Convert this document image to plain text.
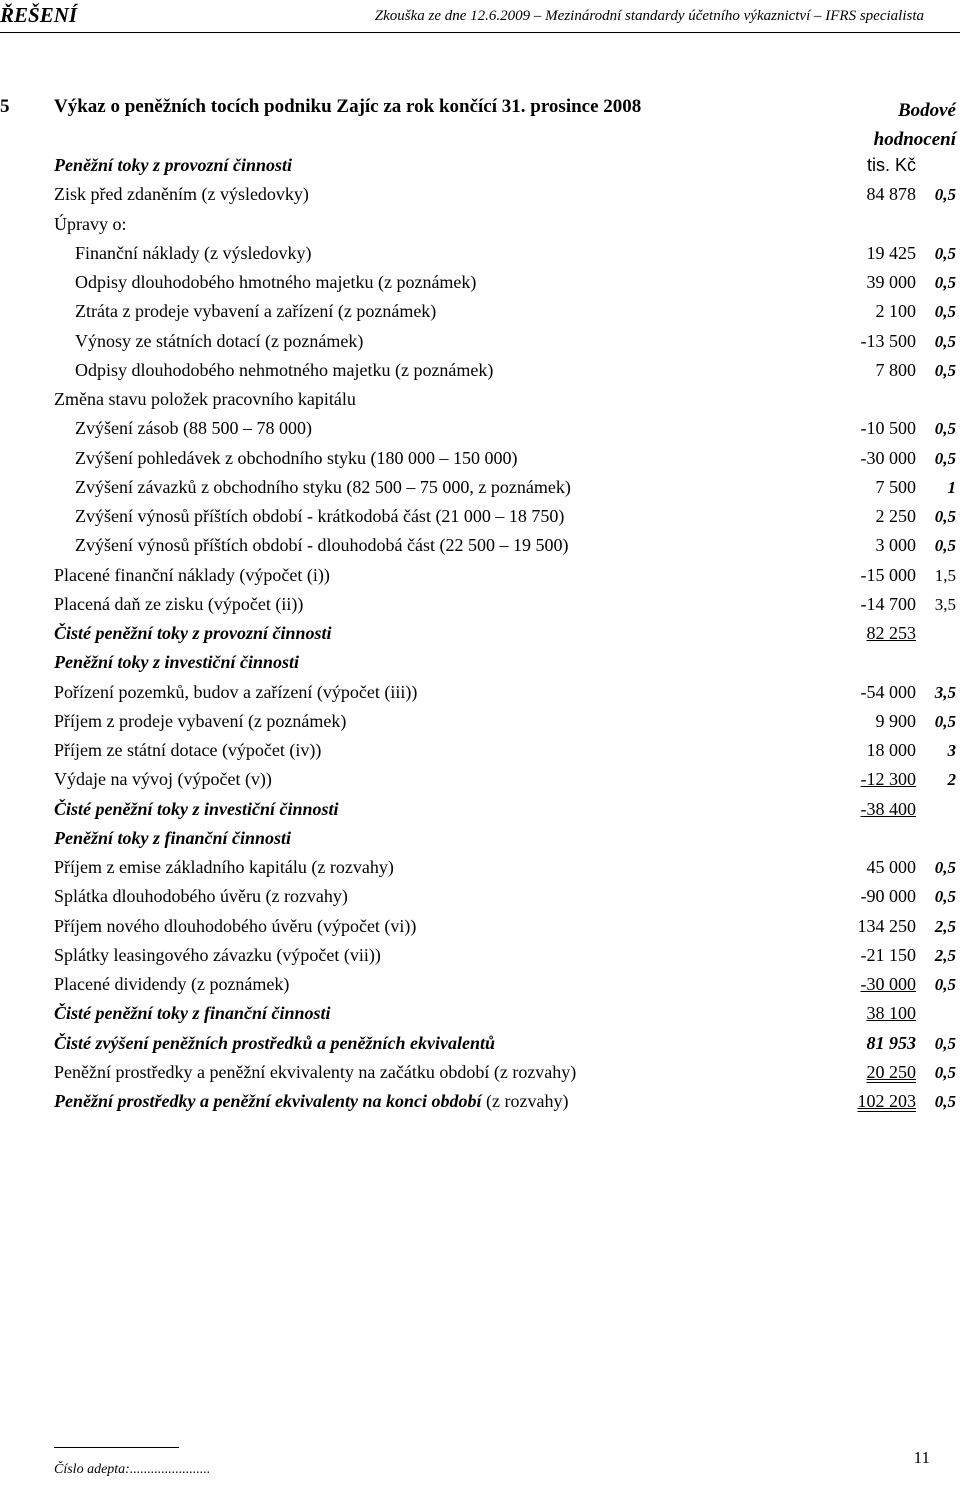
ŘEŠENÍ	Zkouška ze dne 12.6.2009 – Mezinárodní standardy účetního výkaznictví – IFRS specialista
5 Výkaz o peněžních tocích podniku Zajíc za rok končící 31. prosince 2008	Bodové
hodnocení
Peněžní toky z provozní činnosti	tis. Kč
Zisk před zdaněním (z výsledovky)	84 878 0,5
Úpravy o:
Finanční náklady (z výsledovky)	19 425 0,5
Odpisy dlouhodobého hmotného majetku (z poznámek)	39 000 0,5
Ztráta z prodeje vybavení a zařízení (z poznámek)	2 100 0,5
Výnosy ze státních dotací (z poznámek)	-13 500 0,5
Odpisy dlouhodobého nehmotného majetku (z poznámek)	7 800 0,5
Změna stavu položek pracovního kapitálu
Zvýšení zásob (88 500 – 78 000)	-10 500 0,5
Zvýšení pohledávek z obchodního styku (180 000 – 150 000)	-30 000 0,5
Zvýšení závazků z obchodního styku (82 500 – 75 000, z poznámek)	7 500 1
Zvýšení výnosů příštích období - krátkodobá část (21 000 – 18 750)	2 250 0,5
Zvýšení výnosů příštích období - dlouhodobá část (22 500 – 19 500)	3 000 0,5
Placené finanční náklady (výpočet (i))	-15 000 1,5
Placená daň ze zisku (výpočet (ii))	-14 700 3,5
Čisté peněžní toky z provozní činnosti	82 253
Peněžní toky z investiční činnosti
Pořízení pozemků, budov a zařízení (výpočet (iii))	-54 000 3,5
Příjem z prodeje vybavení (z poznámek)	9 900 0,5
Příjem ze státní dotace (výpočet (iv))	18 000 3
Výdaje na vývoj (výpočet (v))	-12 300 2
Čisté peněžní toky z investiční činnosti	-38 400
Peněžní toky z finanční činnosti
Příjem z emise základního kapitálu (z rozvahy)	45 000 0,5
Splátka dlouhodobého úvěru (z rozvahy)	-90 000 0,5
Příjem nového dlouhodobého úvěru (výpočet (vi))	134 250 2,5
Splátky leasingového závazku (výpočet (vii))	-21 150 2,5
Placené dividendy (z poznámek)	-30 000 0,5
Čisté peněžní toky z finanční činnosti	38 100
Čisté zvýšení peněžních prostředků a peněžních ekvivalentů	81 953 0,5
Peněžní prostředky a peněžní ekvivalenty na začátku období (z rozvahy)	20 250 0,5
Peněžní prostředky a peněžní ekvivalenty na konci období (z rozvahy)	102 203 0,5
Číslo adepta:.......................
11
